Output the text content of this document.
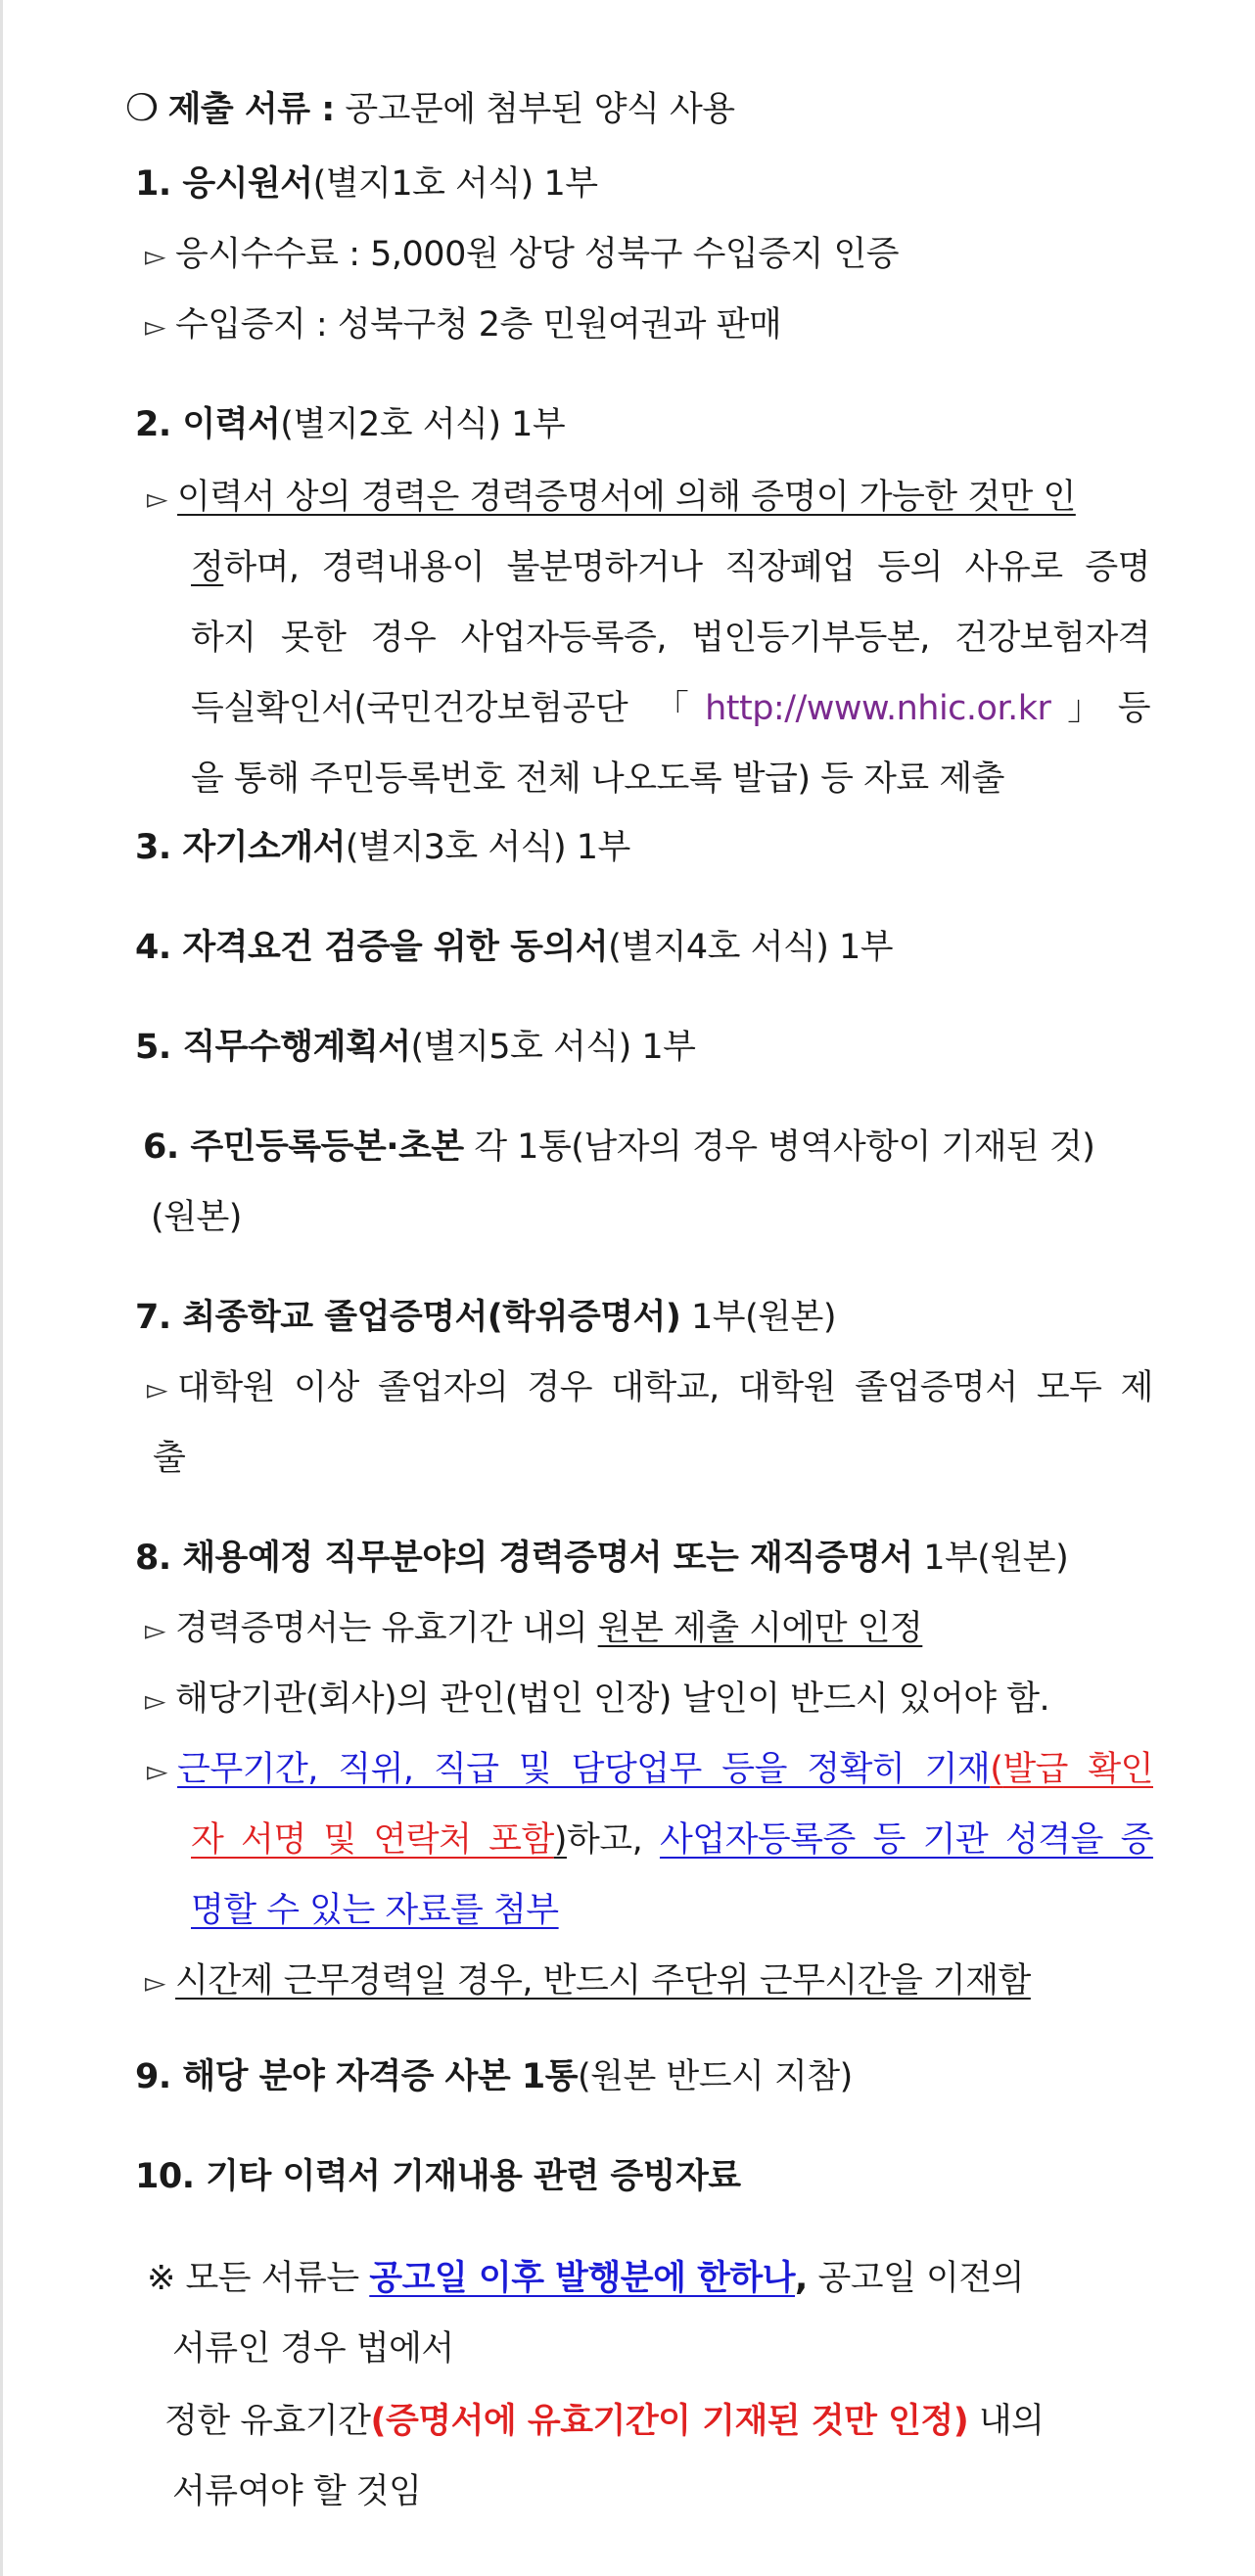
❍ 제출 서류 : 공고문에 첨부된 양식 사용
1. 응시원서(별지1호 서식) 1부
▻ 응시수수료 : 5,000원 상당 성북구 수입증지 인증
▻ 수입증지 : 성북구청 2층 민원여권과 판매
2. 이력서(별지2호 서식) 1부
▻ 이력서 상의 경력은 경력증명서에 의해 증명이 가능한 것만 인
정하며, 경력내용이 불분명하거나 직장폐업 등의 사유로 증명
하지 못한 경우 사업자등록증, 법인등기부등본, 건강보험자격
득실확인서(국민건강보험공단 「http://www.nhic.or.kr」등
을 통해 주민등록번호 전체 나오도록 발급) 등 자료 제출
3. 자기소개서(별지3호 서식) 1부
4. 자격요건 검증을 위한 동의서(별지4호 서식) 1부
5. 직무수행계획서(별지5호 서식) 1부
6. 주민등록등본·초본 각 1통(남자의 경우 병역사항이 기재된 것)
(원본)
7. 최종학교 졸업증명서(학위증명서) 1부(원본)
▻ 대학원 이상 졸업자의 경우 대학교, 대학원 졸업증명서 모두 제
출
8. 채용예정 직무분야의 경력증명서 또는 재직증명서 1부(원본)
▻ 경력증명서는 유효기간 내의 원본 제출 시에만 인정
▻ 해당기관(회사)의 관인(법인 인장) 날인이 반드시 있어야 함.
▻ 근무기간, 직위, 직급 및 담당업무 등을 정확히 기재(발급 확인
자 서명 및 연락처 포함)하고, 사업자등록증 등 기관 성격을 증
명할 수 있는 자료를 첨부
▻ 시간제 근무경력일 경우, 반드시 주단위 근무시간을 기재함
9. 해당 분야 자격증 사본 1통(원본 반드시 지참)
10. 기타 이력서 기재내용 관련 증빙자료
※ 모든 서류는 공고일 이후 발행분에 한하나, 공고일 이전의
서류인 경우 법에서
정한 유효기간(증명서에 유효기간이 기재된 것만 인정) 내의
서류여야 할 것임
